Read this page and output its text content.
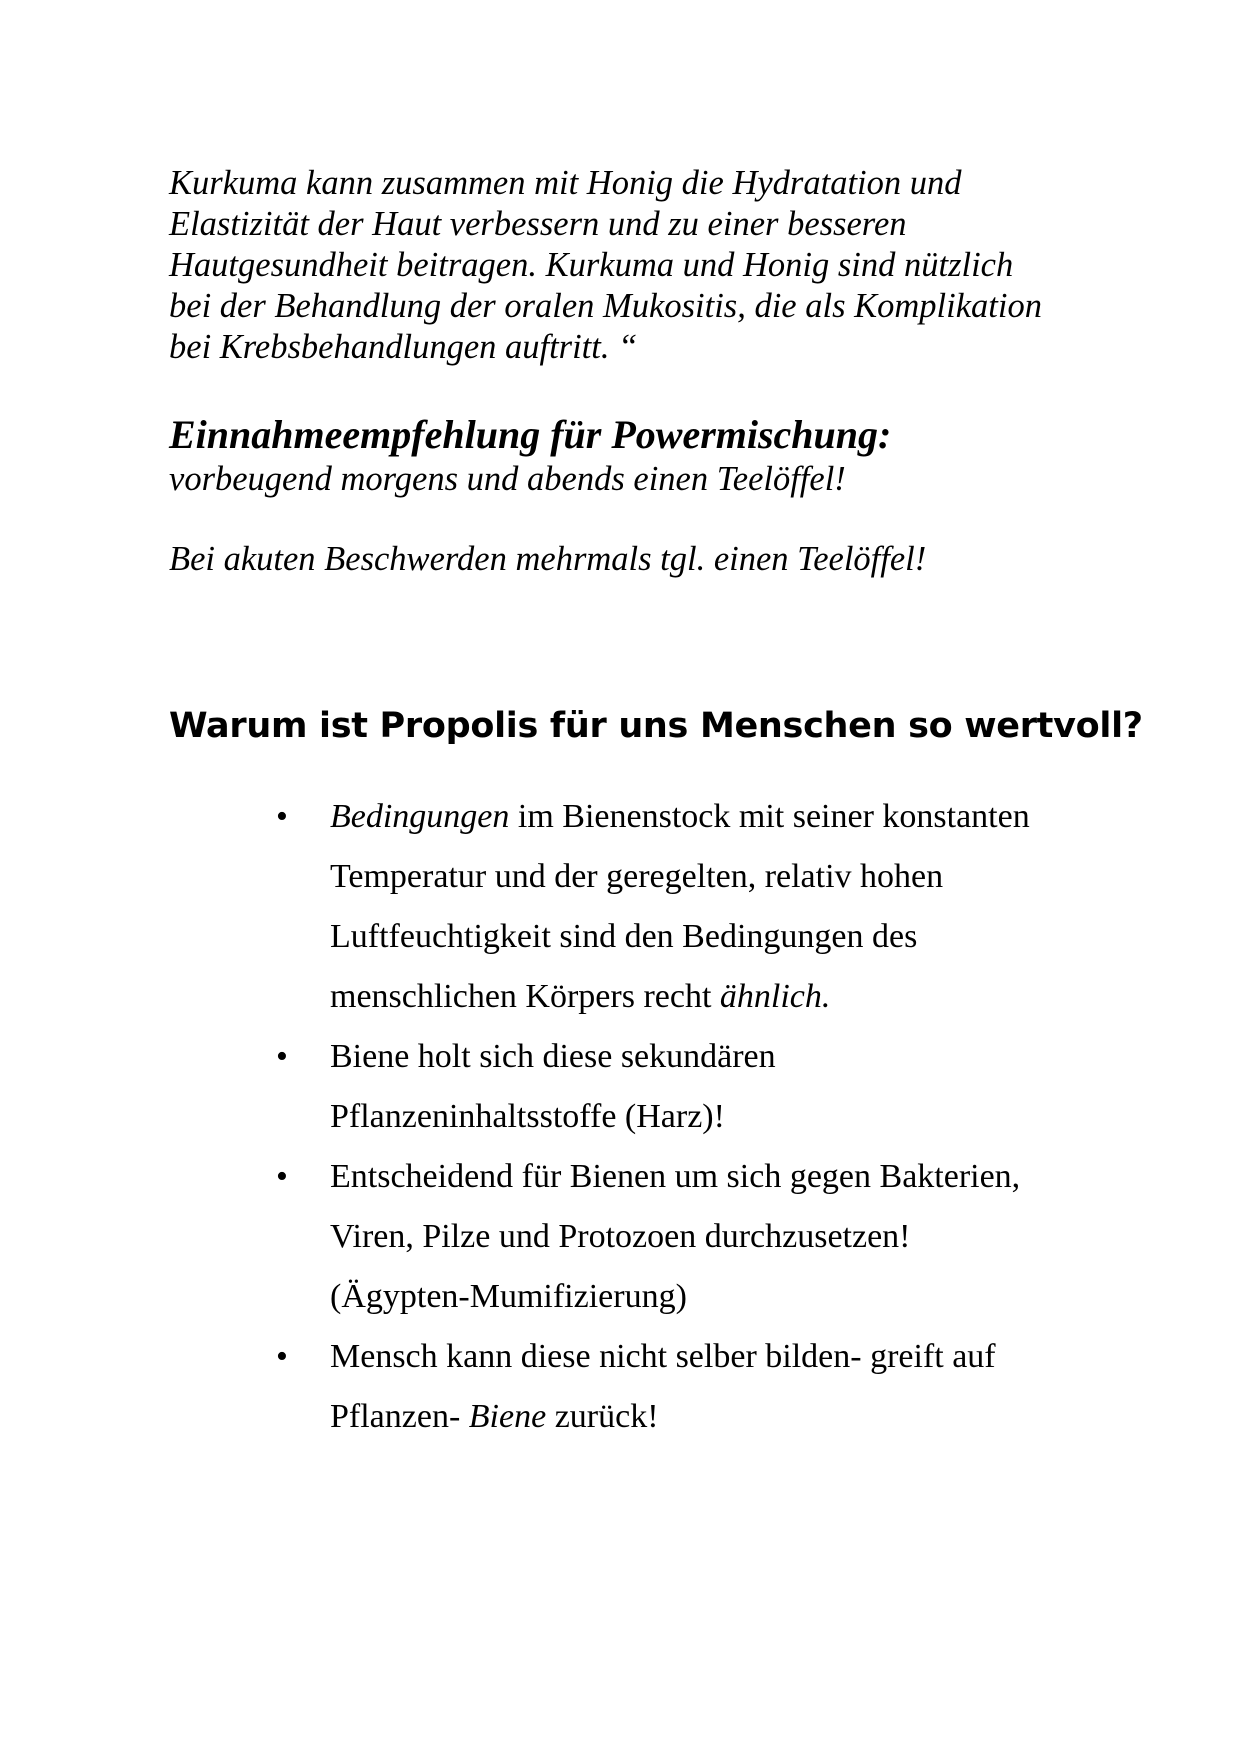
Kurkuma kann zusammen mit Honig die Hydratation und

Elastizität der Haut verbessern und zu einer besseren

Hautgesundheit beitragen. Kurkuma und Honig sind nützlich

bei der Behandlung der oralen Mukositis, die als Komplikation

bei Krebsbehandlungen auftritt. “

Einnahmeempfehlung für Powermischung:

vorbeugend morgens und abends einen Teelöffel!

Bei akuten Beschwerden mehrmals tgl. einen Teelöffel!

Warum ist Propolis für uns Menschen so wertvoll?
• Bedingungen im Bienenstock mit seiner konstanten
Temperatur und der geregelten, relativ hohen
Luftfeuchtigkeit sind den Bedingungen des
menschlichen Körpers recht ähnlich.
• Biene holt sich diese sekundären
Pflanzeninhaltsstoffe (Harz)!
• Entscheidend für Bienen um sich gegen Bakterien,
Viren, Pilze und Protozoen durchzusetzen!
(Ägypten-Mumifizierung)
• Mensch kann diese nicht selber bilden- greift auf
Pflanzen- Biene zurück!
